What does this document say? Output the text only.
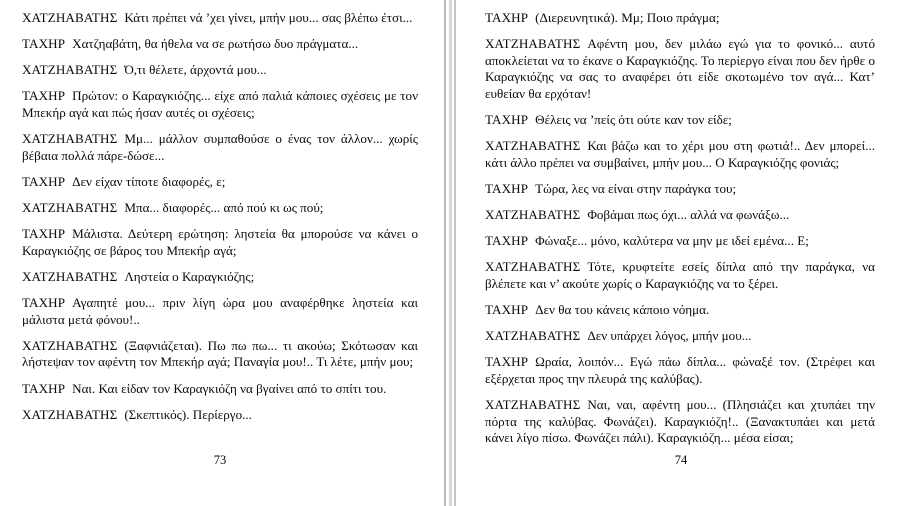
ΧΑΤΖΗΑΒΑΤΗΣ Κάτι πρέπει νά ’χει γίνει, μπήν μου... σας βλέπω έτσι...

ΤΑΧΗΡ Χατζηαβάτη, θα ήθελα να σε ρωτήσω δυο πράγματα...

ΧΑΤΖΗΑΒΑΤΗΣ Ό,τι θέλετε, άρχοντά μου...

ΤΑΧΗΡ Πρώτον: ο Καραγκιόζης... είχε από παλιά κάποιες σχέσεις με τον Μπεκήρ αγά και πώς ήσαν αυτές οι σχέσεις;

ΧΑΤΖΗΑΒΑΤΗΣ Μμ... μάλλον συμπαθούσε ο ένας τον άλλον... χωρίς βέβαια πολλά πάρε-δώσε...

ΤΑΧΗΡ Δεν είχαν τίποτε διαφορές, ε;

ΧΑΤΖΗΑΒΑΤΗΣ Μπα... διαφορές... από πού κι ως πού;

ΤΑΧΗΡ Μάλιστα. Δεύτερη ερώτηση: ληστεία θα μπορούσε να κάνει ο Καραγκιόζης σε βάρος του Μπεκήρ αγά;

ΧΑΤΖΗΑΒΑΤΗΣ Ληστεία ο Καραγκιόζης;

ΤΑΧΗΡ Αγαπητέ μου... πριν λίγη ώρα μου αναφέρθηκε ληστεία και μάλιστα μετά φόνου!..

ΧΑΤΖΗΑΒΑΤΗΣ (Ξαφνιάζεται). Πω πω πω... τι ακούω; Σκότωσαν και λήστεψαν τον αφέντη τον Μπεκήρ αγά; Παναγία μου!.. Τι λέτε, μπήν μου;

ΤΑΧΗΡ Ναι. Και είδαν τον Καραγκιόζη να βγαίνει από το σπίτι του.

ΧΑΤΖΗΑΒΑΤΗΣ (Σκεπτικός). Περίεργο...

73

ΤΑΧΗΡ (Διερευνητικά). Μμ; Ποιο πράγμα;

ΧΑΤΖΗΑΒΑΤΗΣ Αφέντη μου, δεν μιλάω εγώ για το φονικό... αυτό αποκλείεται να το έκανε ο Καραγκιόζης. Το περίεργο είναι που δεν ήρθε ο Καραγκιόζης να σας το αναφέρει ότι είδε σκοτωμένο τον αγά... Κατ’ ευθείαν θα ερχόταν!

ΤΑΧΗΡ Θέλεις να ’πείς ότι ούτε καν τον είδε;

ΧΑΤΖΗΑΒΑΤΗΣ Και βάζω και το χέρι μου στη φωτιά!.. Δεν μπορεί... κάτι άλλο πρέπει να συμβαίνει, μπήν μου... Ο Καραγκιόζης φονιάς;

ΤΑΧΗΡ Τώρα, λες να είναι στην παράγκα του;

ΧΑΤΖΗΑΒΑΤΗΣ Φοβάμαι πως όχι... αλλά να φωνάξω...

ΤΑΧΗΡ Φώναξε... μόνο, καλύτερα να μην με ιδεί εμένα... Ε;

ΧΑΤΖΗΑΒΑΤΗΣ Τότε, κρυφτείτε εσείς δίπλα από την παράγκα, να βλέπετε και ν’ ακούτε χωρίς ο Καραγκιόζης να το ξέρει.

ΤΑΧΗΡ Δεν θα του κάνεις κάποιο νόημα.

ΧΑΤΖΗΑΒΑΤΗΣ Δεν υπάρχει λόγος, μπήν μου...

ΤΑΧΗΡ Ωραία, λοιπόν... Εγώ πάω δίπλα... φώναξέ τον. (Στρέφει και εξέρχεται προς την πλευρά της καλύβας).

ΧΑΤΖΗΑΒΑΤΗΣ Ναι, ναι, αφέντη μου... (Πλησιάζει και χτυπάει την πόρτα της καλύβας. Φωνάζει). Καραγκιόζη!.. (Ξανακτυπάει και μετά κάνει λίγο πίσω. Φωνάζει πάλι). Καραγκιόζη... μέσα είσαι;

74
